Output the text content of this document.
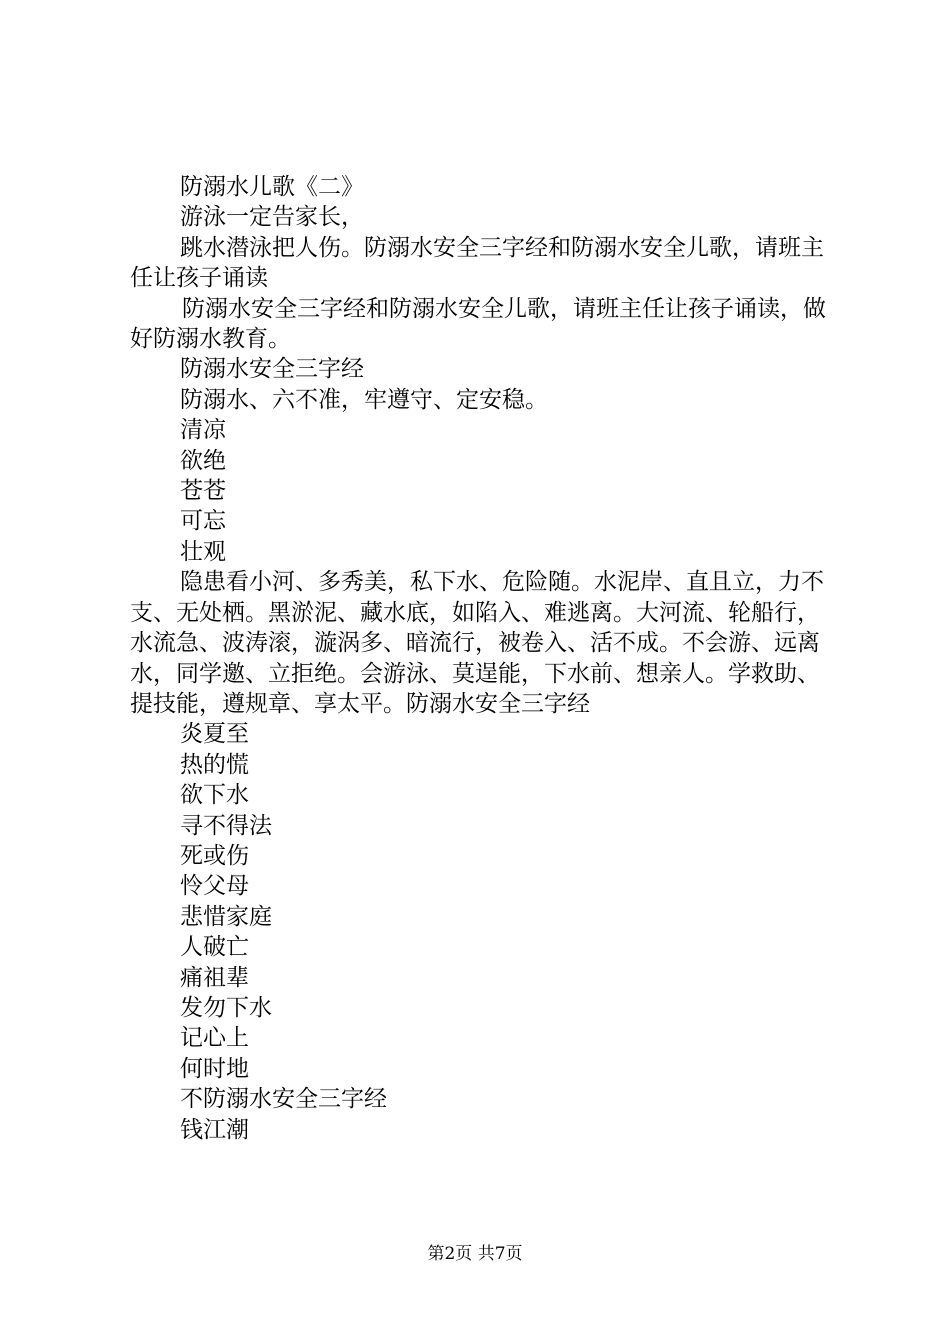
防溺水儿歌《二》

游泳一定告家长，

跳水潜泳把人伤。防溺水安全三字经和防溺水安全儿歌，请班主任让孩子诵读

防溺水安全三字经和防溺水安全儿歌，请班主任让孩子诵读，做好防溺水教育。

防溺水安全三字经

防溺水、六不准，牢遵守、定安稳。

清凉

欲绝

苍苍

可忘

壮观

隐患看小河、多秀美，私下水、危险随。水泥岸、直且立，力不支、无处栖。黑淤泥、藏水底，如陷入、难逃离。大河流、轮船行，水流急、波涛滚，漩涡多、暗流行，被卷入、活不成。不会游、远离水，同学邀、立拒绝。会游泳、莫逞能，下水前、想亲人。学救助、提技能，遵规章、享太平。防溺水安全三字经

炎夏至

热的慌

欲下水

寻不得法

死或伤

怜父母

悲惜家庭

人破亡

痛祖辈

发勿下水

记心上

何时地

不防溺水安全三字经

钱江潮

第2页 共7页
